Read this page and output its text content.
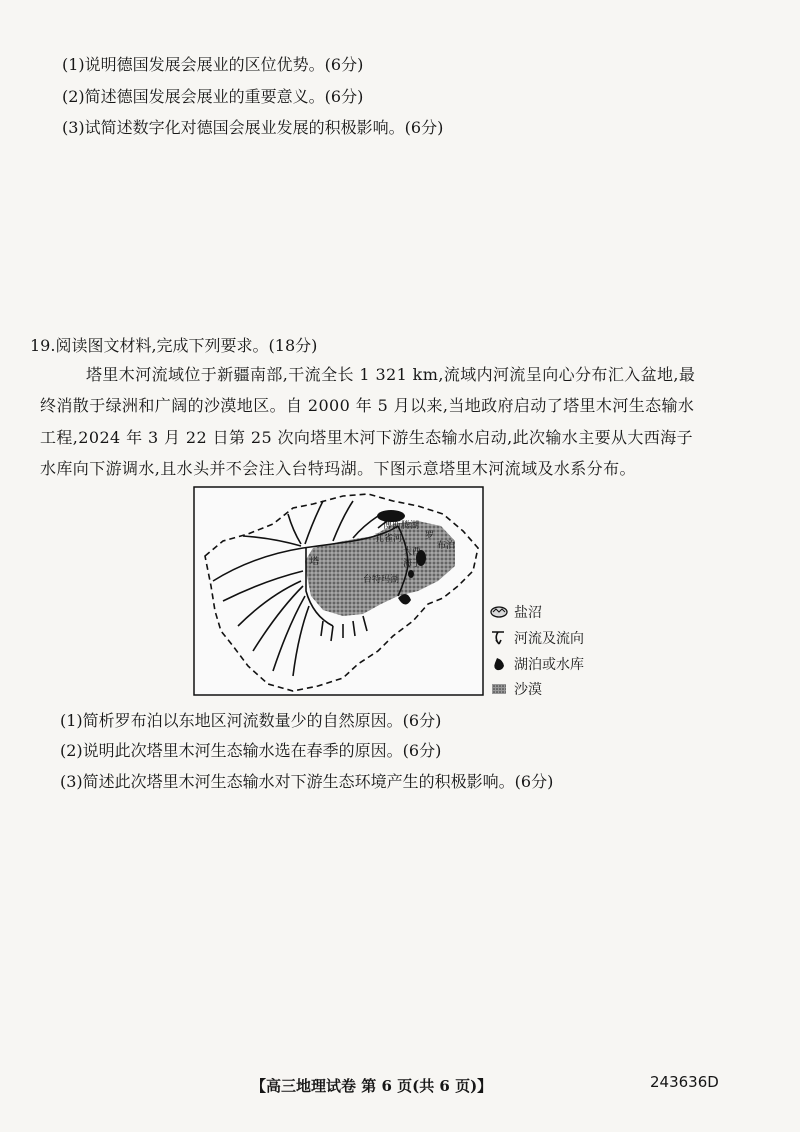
(1)说明德国发展会展业的区位优势。(6分)
(2)简述德国发展会展业的重要意义。(6分)
(3)试简述数字化对德国会展业发展的积极影响。(6分)
19.阅读图文材料,完成下列要求。(18分)
塔里木河流域位于新疆南部,干流全长 1 321 km,流域内河流呈向心分布汇入盆地,最
终消散于绿洲和广阔的沙漠地区。自 2000 年 5 月以来,当地政府启动了塔里木河生态输水
工程,2024 年 3 月 22 日第 25 次向塔里木河下游生态输水启动,此次输水主要从大西海子
水库向下游调水,且水头并不会注入台特玛湖。下图示意塔里木河流域及水系分布。
博斯腾湖
孔雀河	罗
布泊
大西
海子
台特玛湖
塔
盐沼
河流及流向
湖泊或水库
沙漠
(1)简析罗布泊以东地区河流数量少的自然原因。(6分)
(2)说明此次塔里木河生态输水选在春季的原因。(6分)
(3)简述此次塔里木河生态输水对下游生态环境产生的积极影响。(6分)
【高三地理试卷 第 6 页(共 6 页)】	243636D
